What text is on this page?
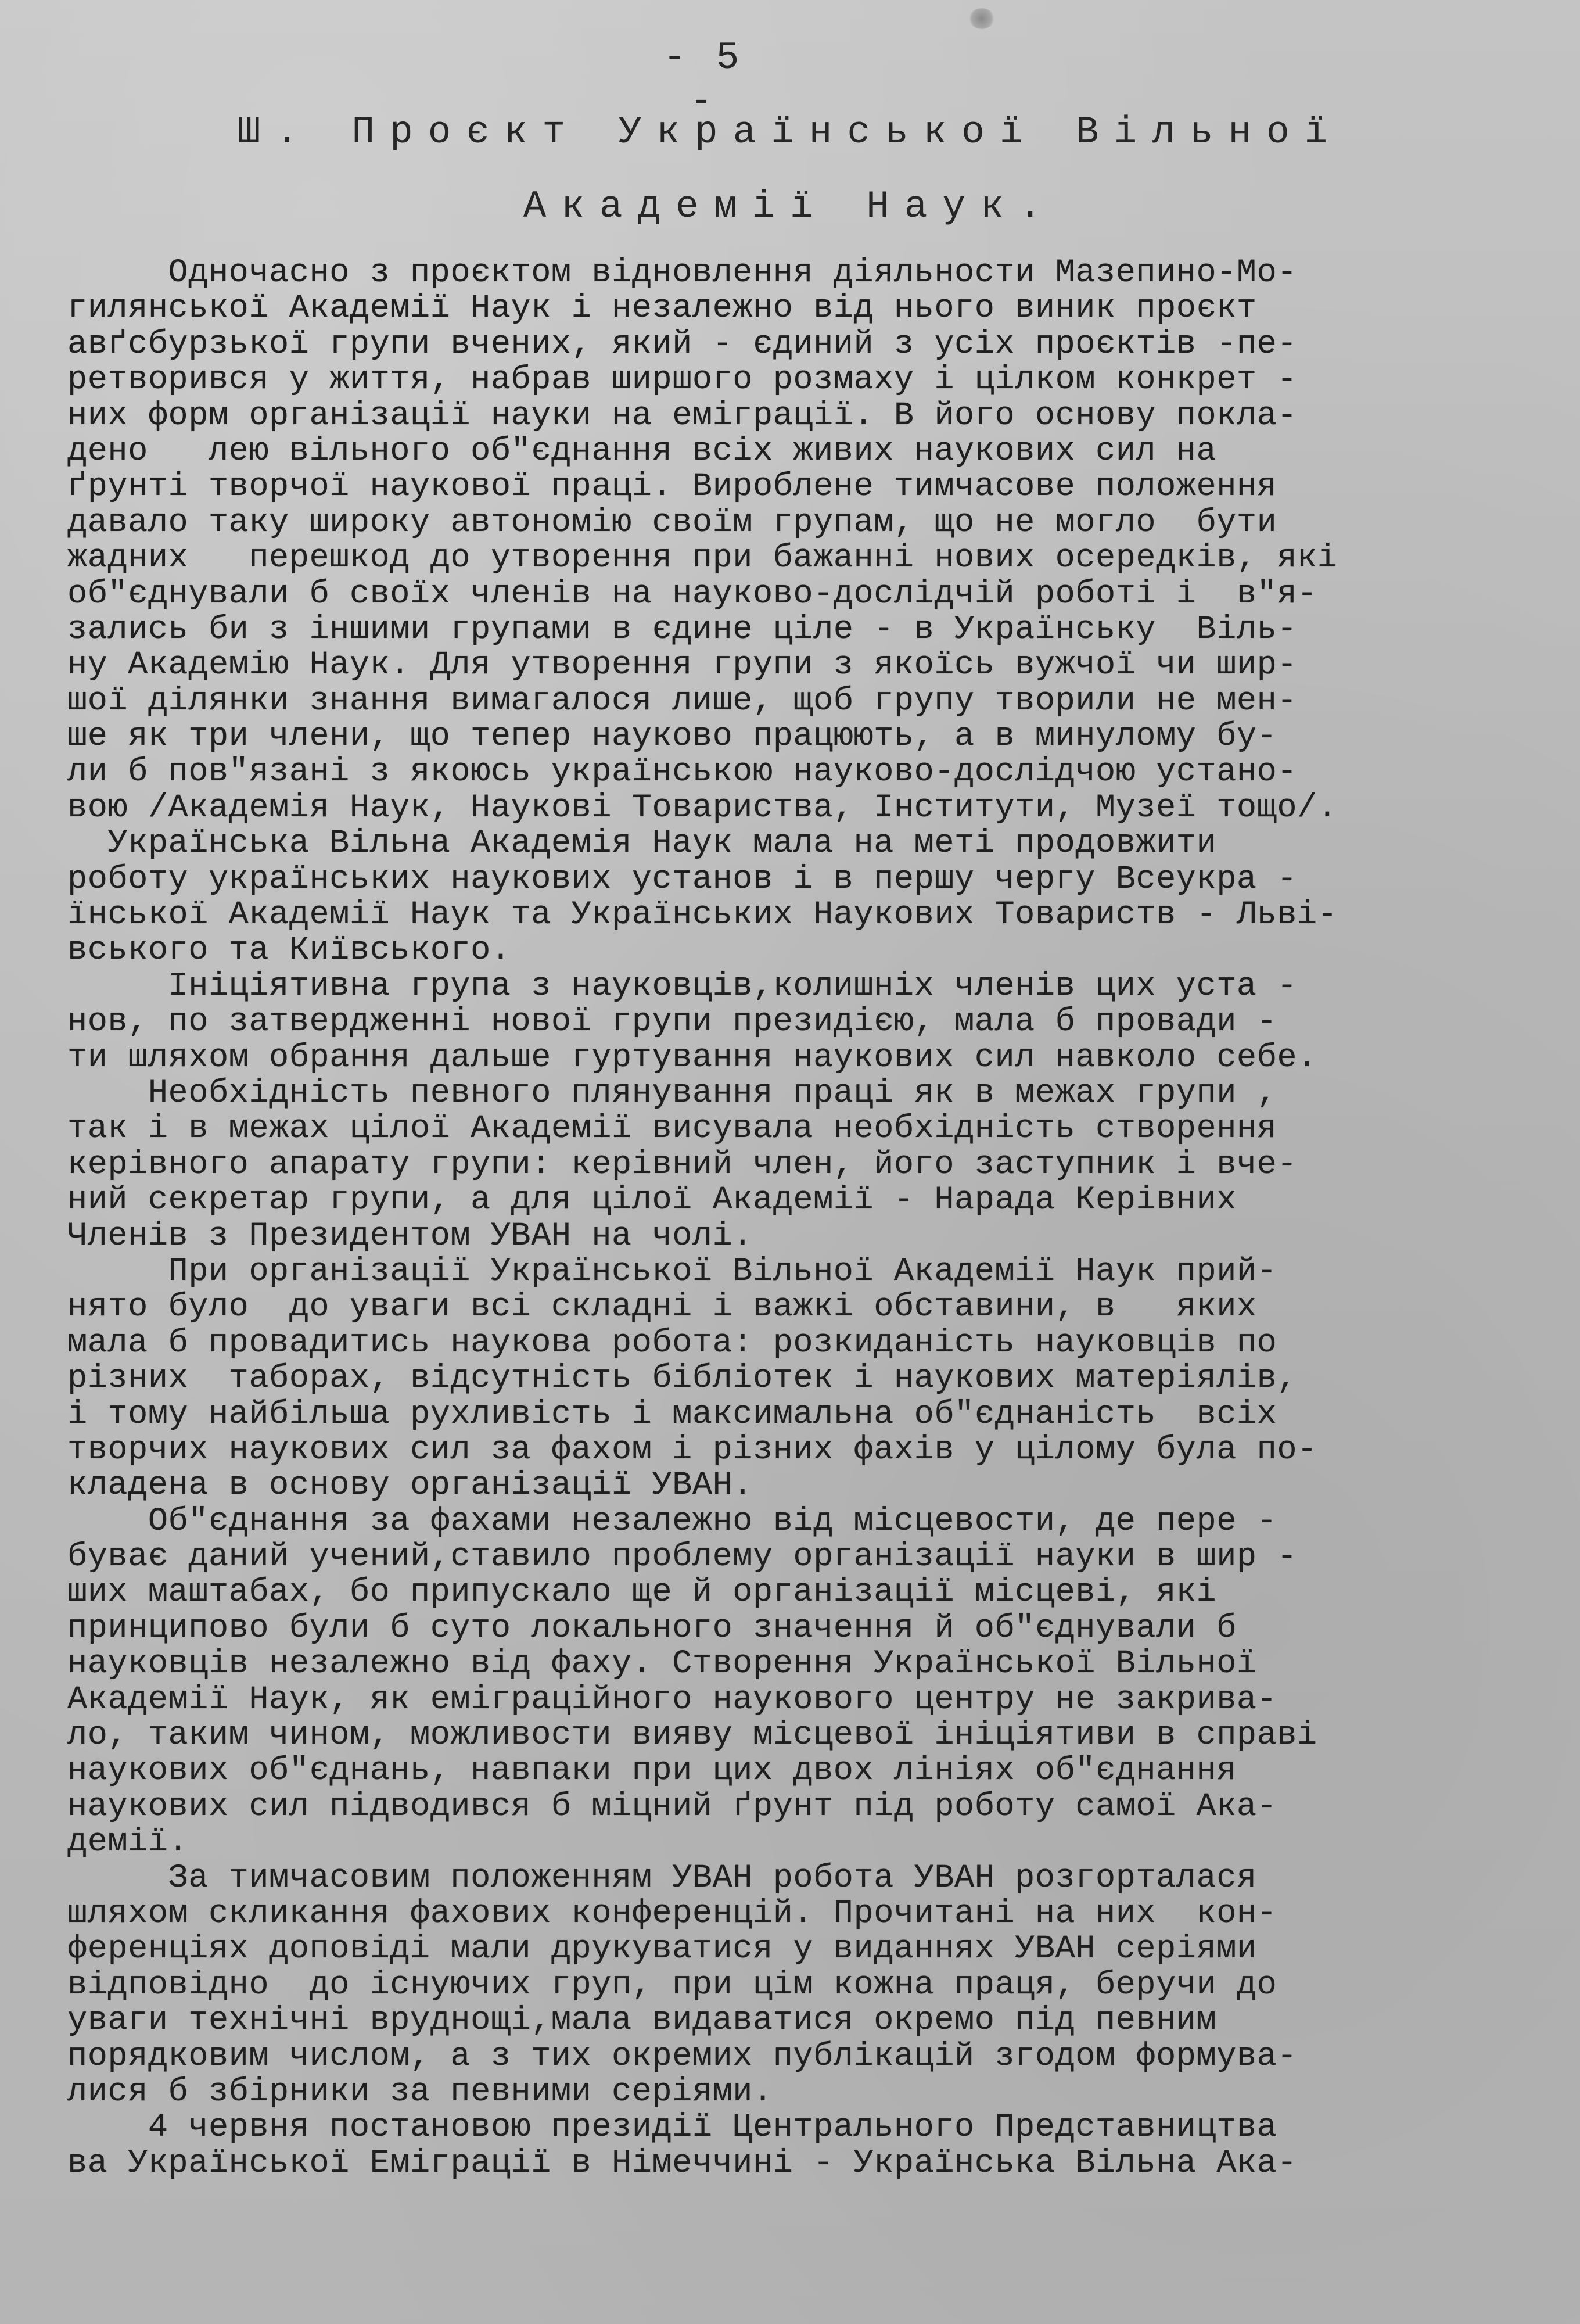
- 5 -
Ш. Проєкт Української Вільної
Академії Наук.
Одночасно з проєктом відновлення діяльности Мазепино-Мо-
гилянської Академії Наук і незалежно від нього виник проєкт
авґсбурзької групи вчених, який - єдиний з усіх проєктів -пе-
ретворився у життя, набрав ширшого розмаху і цілком конкрет -
них форм організації науки на еміграції. В його основу покла-
дено   лею вільного об"єднання всіх живих наукових сил на
ґрунті творчої наукової праці. Вироблене тимчасове положення
давало таку широку автономію своїм групам, що не могло  бути
жадних   перешкод до утворення при бажанні нових осередків, які
об"єднували б своїх членів на науково-дослідчій роботі і  в"я-
зались би з іншими групами в єдине ціле - в Українську  Віль-
ну Академію Наук. Для утворення групи з якоїсь вужчої чи шир-
шої ділянки знання вимагалося лише, щоб групу творили не мен-
ше як три члени, що тепер науково працюють, а в минулому бу-
ли б пов"язані з якоюсь українською науково-дослідчою устано-
вою /Академія Наук, Наукові Товариства, Інститути, Музеї тощо/.
Українська Вільна Академія Наук мала на меті продовжити
роботу українських наукових установ і в першу чергу Всеукра -
їнської Академії Наук та Українських Наукових Товариств - Льві-
вського та Київського.
Ініціятивна група з науковців,колишніх членів цих уста -
нов, по затвердженні нової групи президією, мала б провади -
ти шляхом обрання дальше гуртування наукових сил навколо себе.
Необхідність певного плянування праці як в межах групи ,
так і в межах цілої Академії висувала необхідність створення
керівного апарату групи: керівний член, його заступник і вче-
ний секретар групи, а для цілої Академії - Нарада Керівних
Членів з Президентом УВАН на чолі.
При організації Української Вільної Академії Наук прий-
нято було  до уваги всі складні і важкі обставини, в   яких
мала б провадитись наукова робота: розкиданість науковців по
різних  таборах, відсутність бібліотек і наукових матеріялів,
і тому найбільша рухливість і максимальна об"єднаність  всіх
творчих наукових сил за фахом і різних фахів у цілому була по-
кладена в основу організації УВАН.
Об"єднання за фахами незалежно від місцевости, де пере -
буває даний учений,ставило проблему організації науки в шир -
ших маштабах, бо припускало ще й організації місцеві, які
принципово були б суто локального значення й об"єднували б
науковців незалежно від фаху. Створення Української Вільної
Академії Наук, як еміграційного наукового центру не закрива-
ло, таким чином, можливости вияву місцевої ініціятиви в справі
наукових об"єднань, навпаки при цих двох лініях об"єднання
наукових сил підводився б міцний ґрунт під роботу самої Ака-
демії.
За тимчасовим положенням УВАН робота УВАН розгорталася
шляхом скликання фахових конференцій. Прочитані на них  кон-
ференціях доповіді мали друкуватися у виданнях УВАН серіями
відповідно  до існуючих груп, при цім кожна праця, беручи до
уваги технічні вруднощі,мала видаватися окремо під певним
порядковим числом, а з тих окремих публікацій згодом формува-
лися б збірники за певними серіями.
4 червня постановою президії Центрального Представництва
ва Української Еміграції в Німеччині - Українська Вільна Ака-
